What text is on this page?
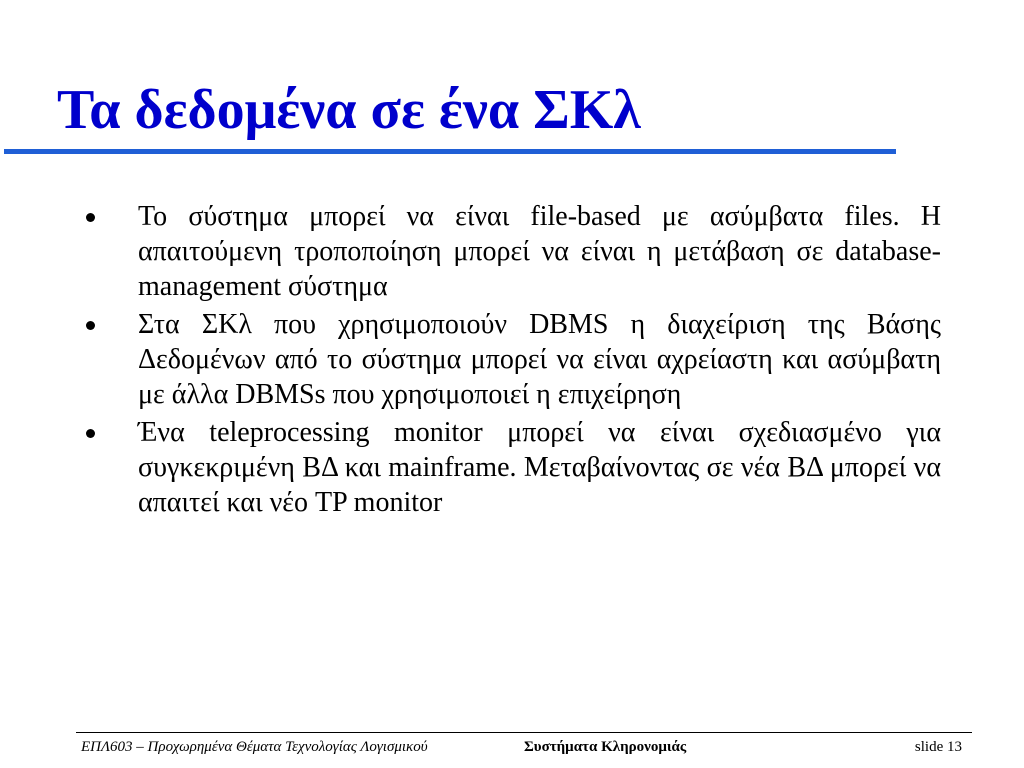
Τα δεδομένα σε ένα ΣΚλ
Το σύστημα μπορεί να είναι file-based με ασύμβατα files. Η απαιτούμενη τροποποίηση μπορεί να είναι η μετάβαση σε database-management σύστημα
Στα ΣΚλ που χρησιμοποιούν DBMS η διαχείριση της Βάσης Δεδομένων από το σύστημα μπορεί να είναι αχρείαστη και ασύμβατη με άλλα DBMSs που χρησιμοποιεί η επιχείρηση
Ένα teleprocessing monitor μπορεί να είναι σχεδιασμένο για συγκεκριμένη ΒΔ και mainframe. Μεταβαίνοντας σε νέα ΒΔ μπορεί να απαιτεί και νέο TP monitor
ΕΠΛ603 – Προχωρημένα Θέματα Τεχνολογίας Λογισμικού	Συστήματα Κληρονομιάς	slide 13
